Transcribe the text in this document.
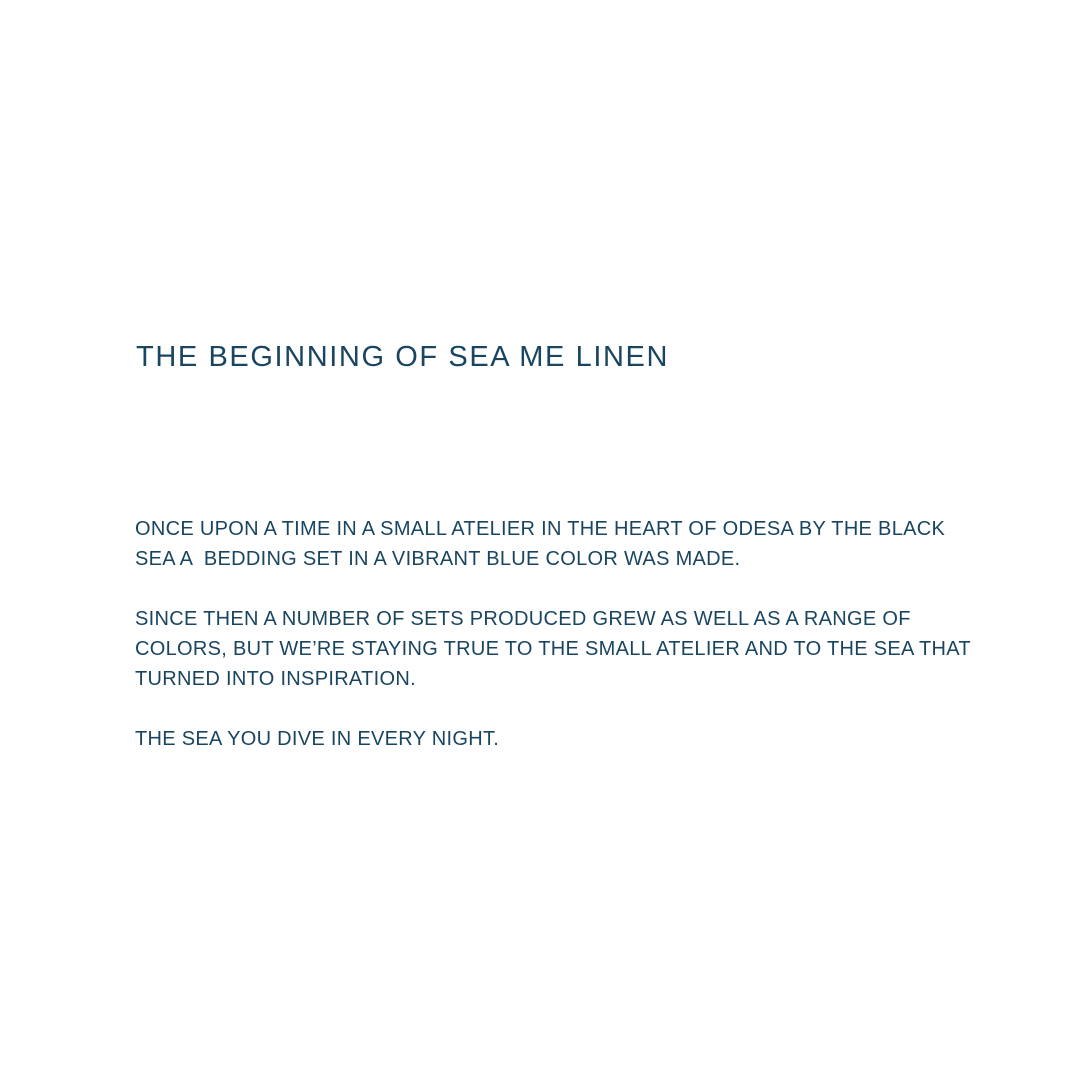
THE BEGINNING OF SEA ME LINEN
ONCE UPON A TIME IN A SMALL ATELIER IN THE HEART OF ODESA BY THE BLACK
SEA A  BEDDING SET IN A VIBRANT BLUE COLOR WAS MADE.
SINCE THEN A NUMBER OF SETS PRODUCED GREW AS WELL AS A RANGE OF
COLORS, BUT WE’RE STAYING TRUE TO THE SMALL ATELIER AND TO THE SEA THAT
TURNED INTO INSPIRATION.
THE SEA YOU DIVE IN EVERY NIGHT.
